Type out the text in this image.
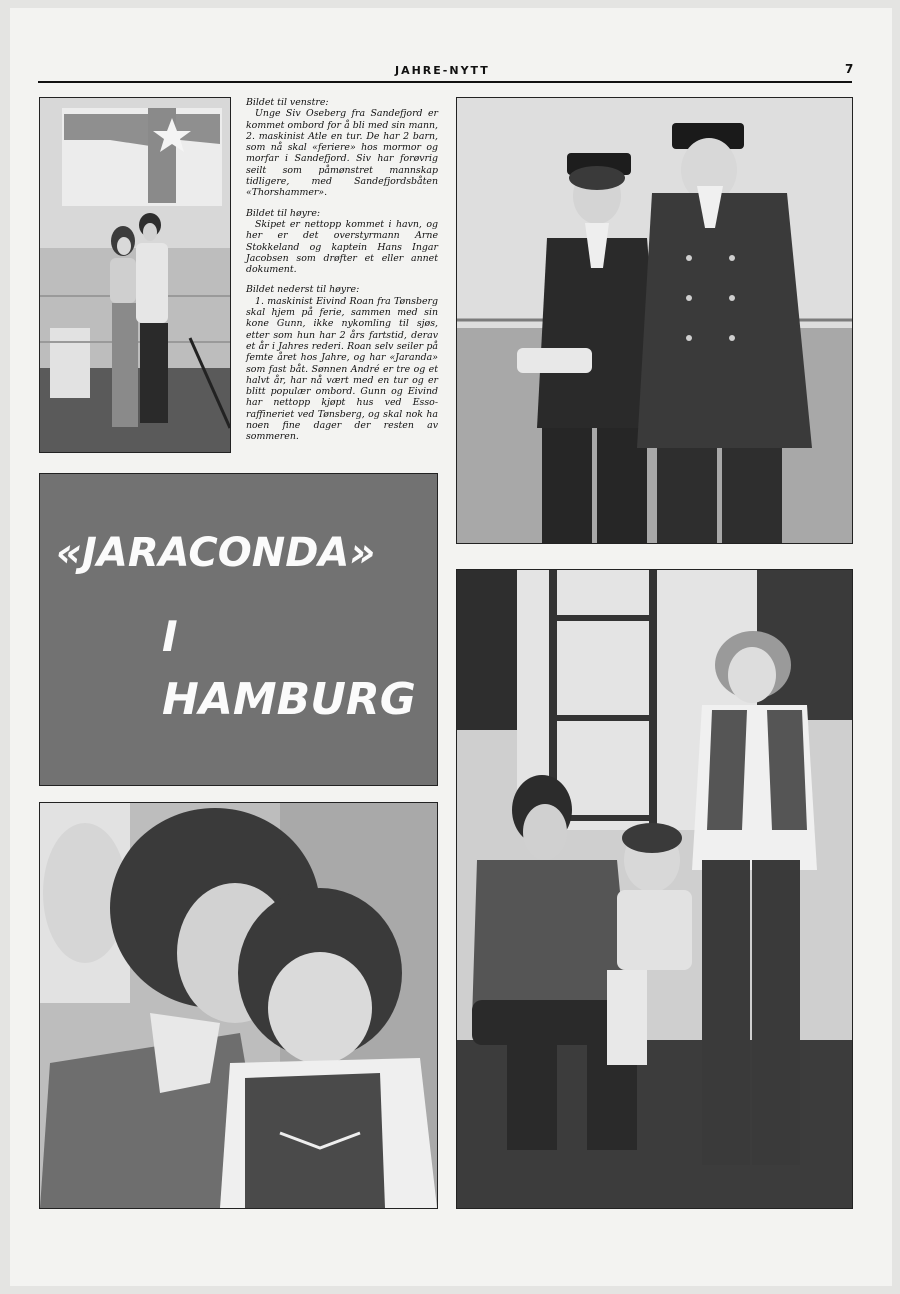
JAHRE-NYTT	7

Bildet til venstre:

Unge Siv Oseberg fra Sandefjord er kommet ombord for å bli med sin mann, 2. maskinist Atle en tur. De har 2 barn, som nå skal «feriere» hos mormor og morfar i Sandefjord. Siv har forøvrig seilt som påmønstret mannskap tidligere, med Sandefjordsbåten «Thorshammer».

Bildet til høyre:

Skipet er nettopp kommet i havn, og her er det overstyrmann Arne Stokkeland og kaptein Hans Ingar Jacobsen som drøfter et eller annet dokument.

Bildet nederst til høyre:

1. maskinist Eivind Roan fra Tønsberg skal hjem på ferie, sammen med sin kone Gunn, ikke nykomling til sjøs, etter som hun har 2 års fartstid, derav et år i Jahres rederi. Roan selv seiler på femte året hos Jahre, og har «Jaranda» som fast båt. Sønnen André er tre og et halvt år, har nå vært med en tur og er blitt populær ombord. Gunn og Eivind har nettopp kjøpt hus ved Esso-raffineriet ved Tønsberg, og skal nok ha noen fine dager der resten av sommeren.

«JARACONDA»
I
HAMBURG
